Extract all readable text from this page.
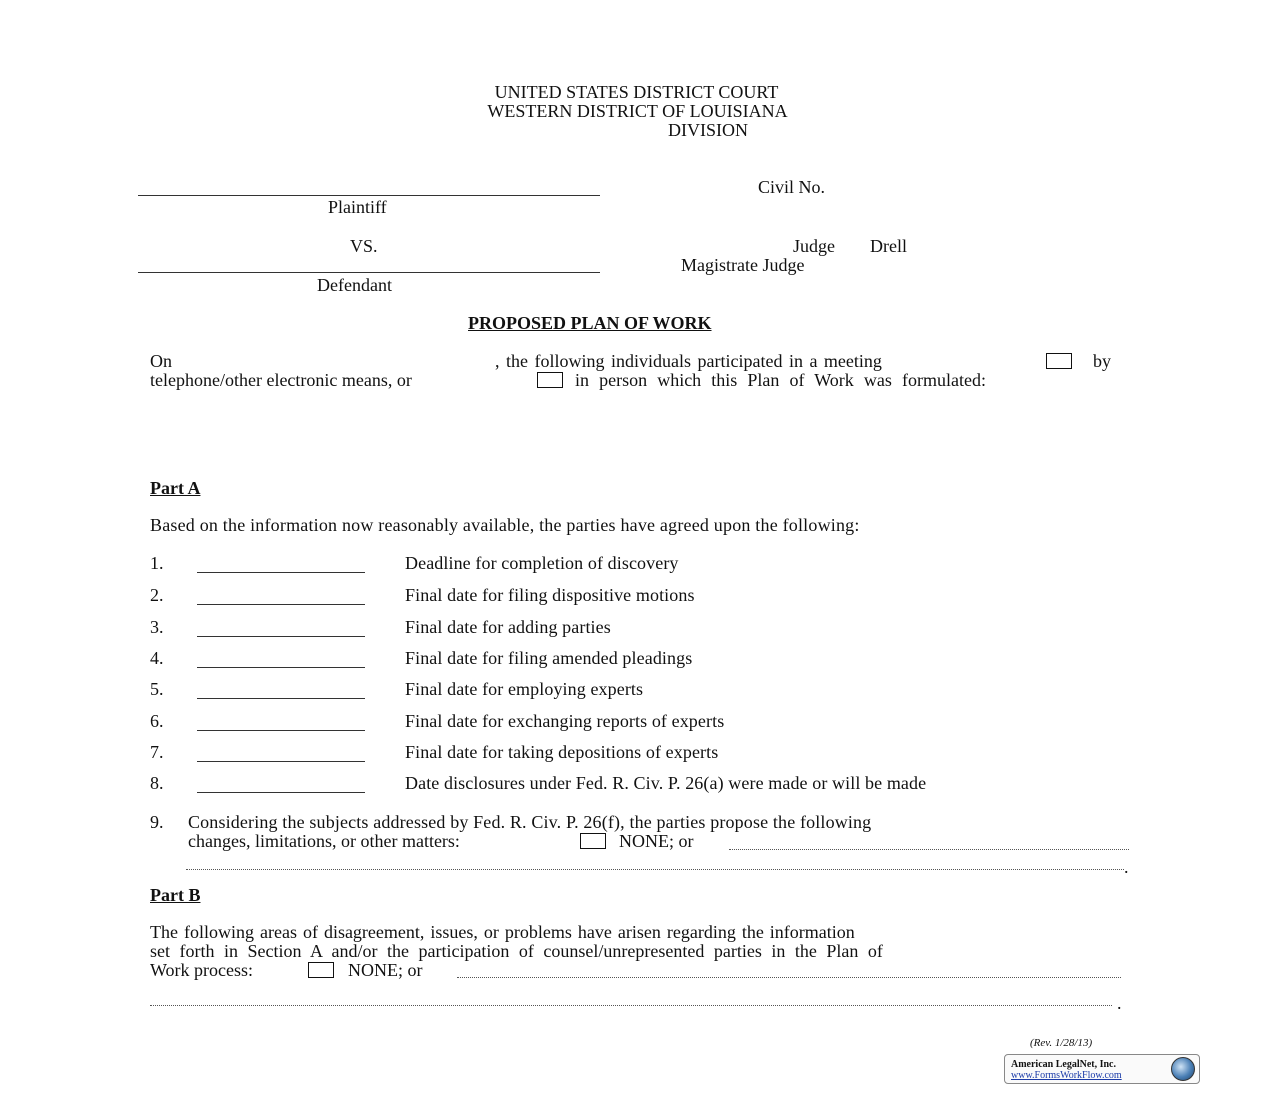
UNITED STATES DISTRICT COURT
WESTERN DISTRICT OF LOUISIANA
DIVISION
Plaintiff
Civil No.
VS.	Judge Drell
Magistrate Judge
Defendant
PROPOSED PLAN OF WORK
On	, the following individuals participated in a meeting	by
telephone/other electronic means, or	in person which this Plan of Work was formulated:
Part A
Based on the information now reasonably available, the parties have agreed upon the following:
1.	Deadline for completion of discovery
2.	Final date for filing dispositive motions
3.	Final date for adding parties
4.	Final date for filing amended pleadings
5.	Final date for employing experts
6.	Final date for exchanging reports of experts
7.	Final date for taking depositions of experts
8.	Date disclosures under Fed. R. Civ. P. 26(a) were made or will be made
9. Considering the subjects addressed by Fed. R. Civ. P. 26(f), the parties propose the following
changes, limitations, or other matters:	NONE; or
.
Part B
The following areas of disagreement, issues, or problems have arisen regarding the information
set forth in Section A and/or the participation of counsel/unrepresented parties in the Plan of
Work process:	NONE; or
.
(Rev. 1/28/13)
American LegalNet, Inc.
www.FormsWorkFlow.com
